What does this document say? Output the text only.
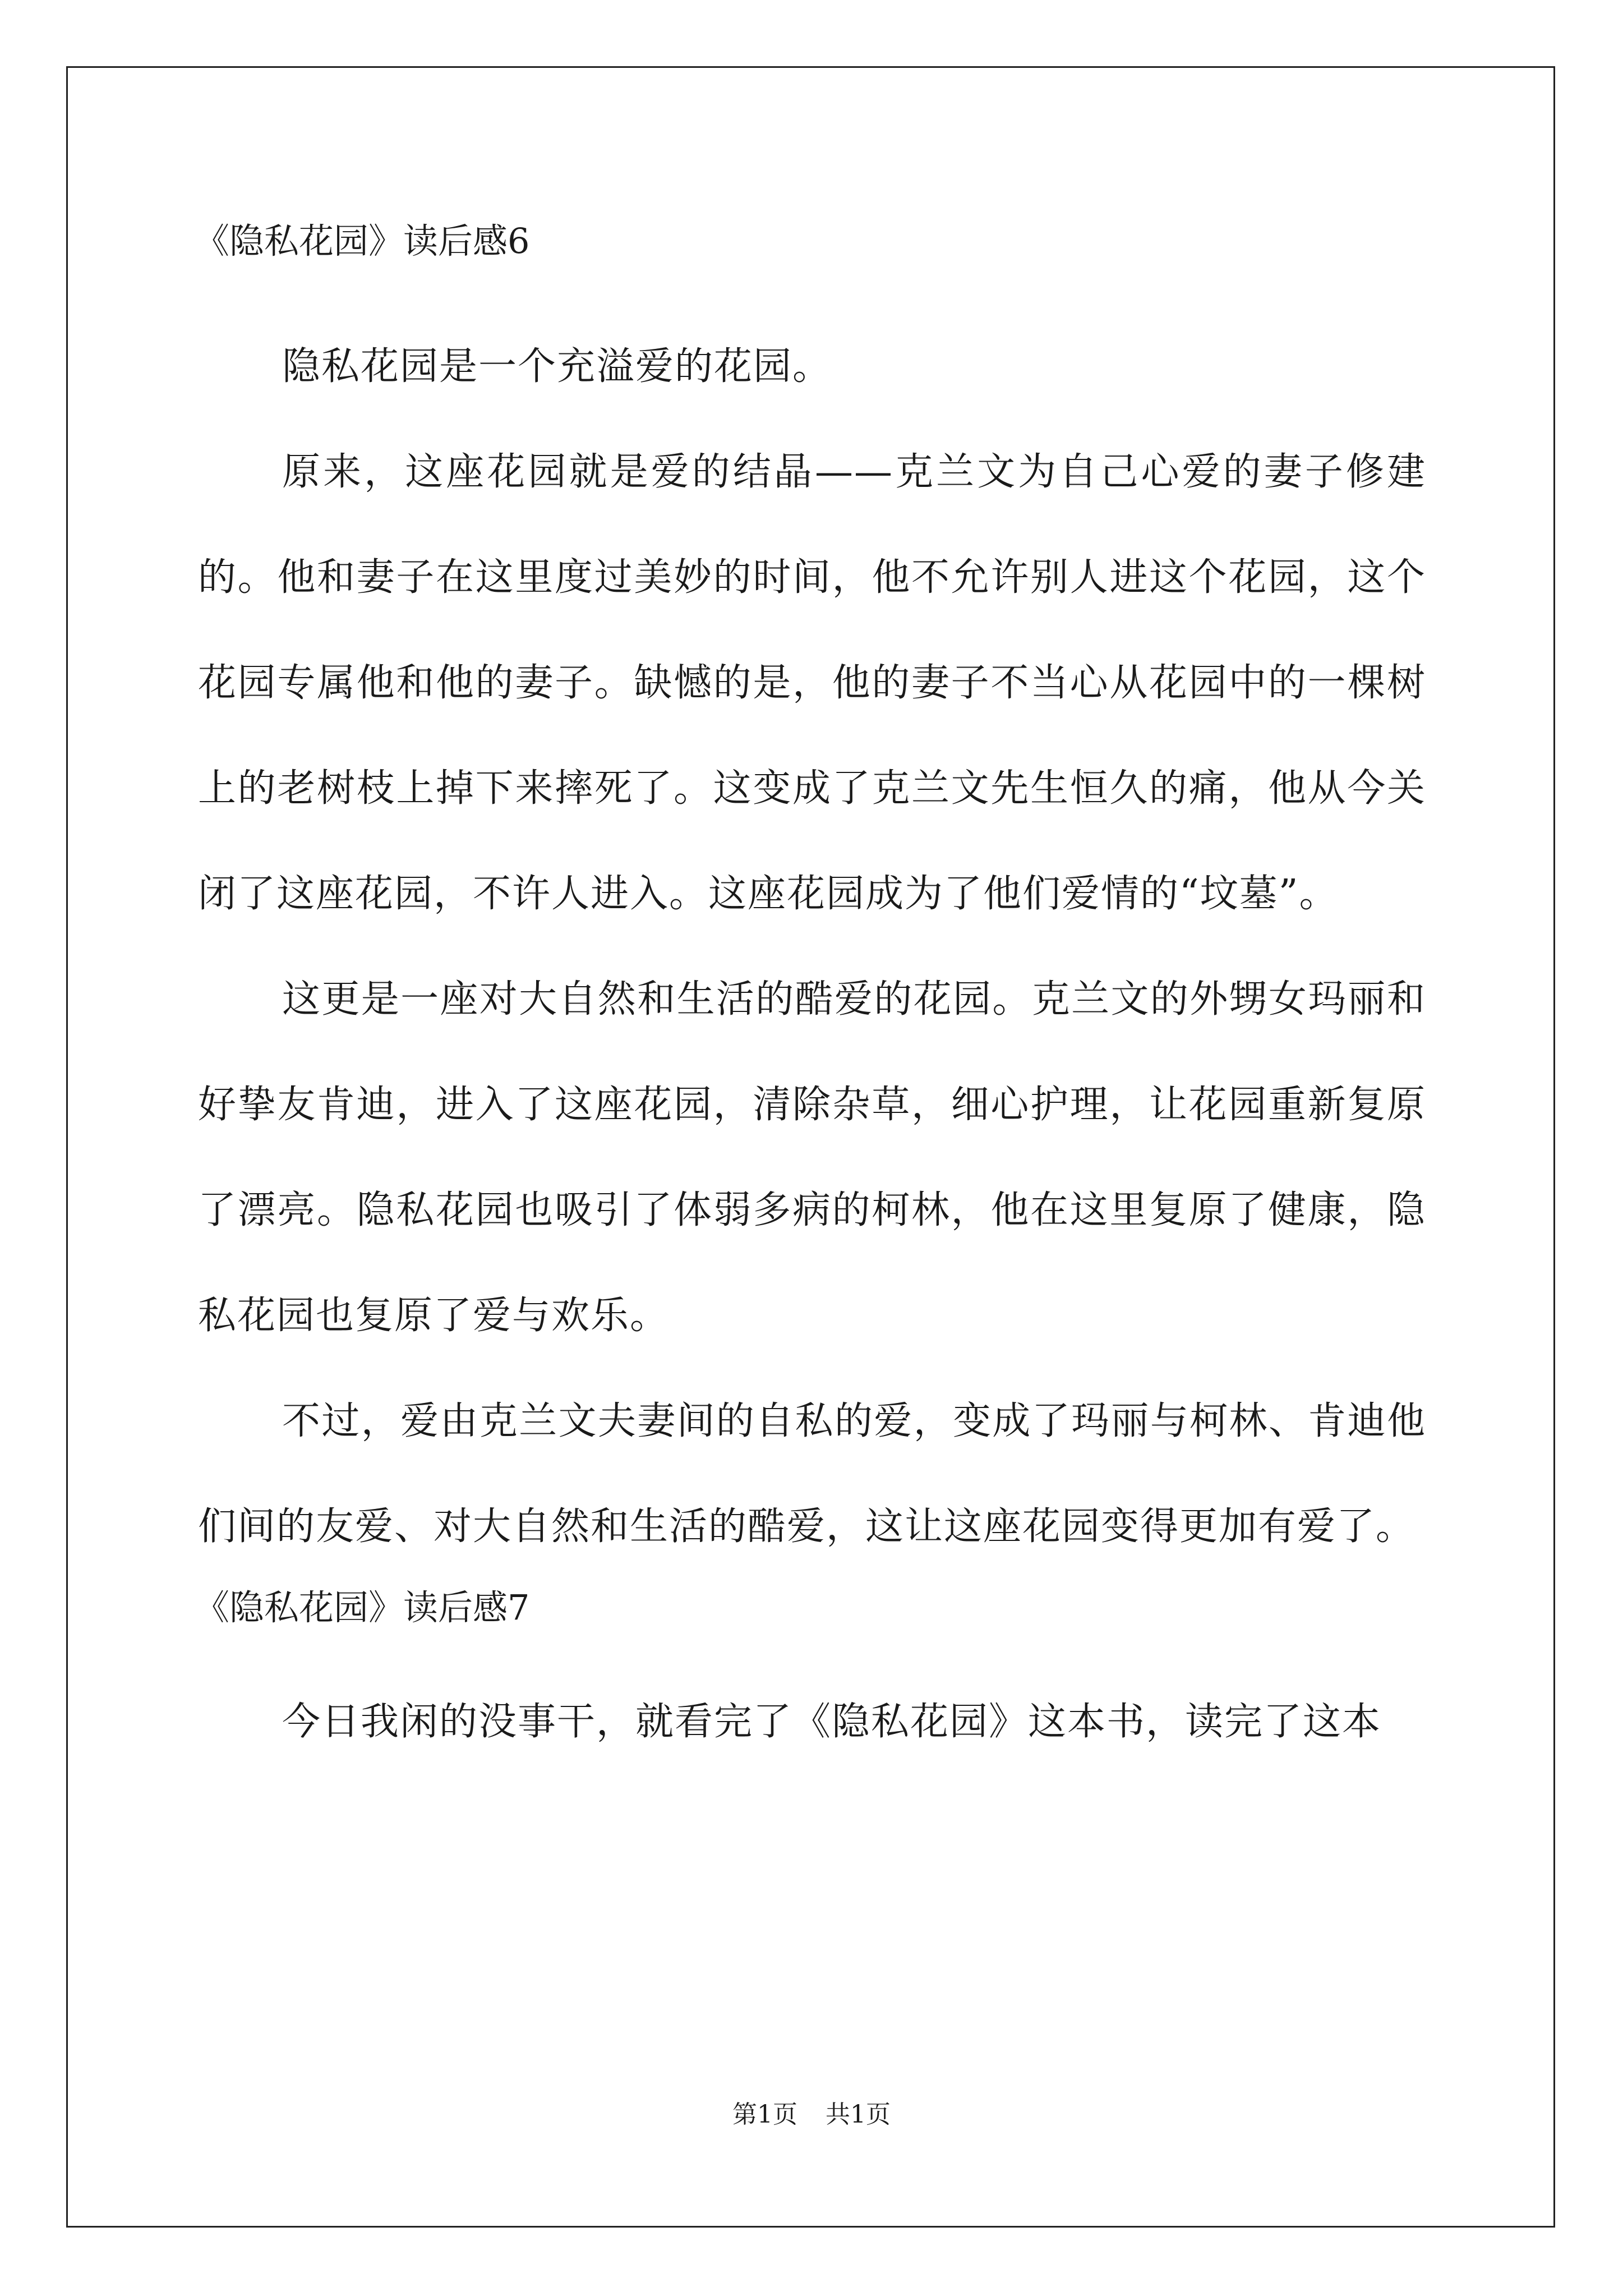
《隐私花园》读后感6

隐私花园是一个充溢爱的花园。

原来，这座花园就是爱的结晶——克兰文为自己心爱的妻子修建的。他和妻子在这里度过美妙的时间，他不允许别人进这个花园，这个花园专属他和他的妻子。缺憾的是，他的妻子不当心从花园中的一棵树上的老树枝上掉下来摔死了。这变成了克兰文先生恒久的痛，他从今关闭了这座花园，不许人进入。这座花园成为了他们爱情的“坟墓”。

这更是一座对大自然和生活的酷爱的花园。克兰文的外甥女玛丽和好挚友肯迪，进入了这座花园，清除杂草，细心护理，让花园重新复原了漂亮。隐私花园也吸引了体弱多病的柯林，他在这里复原了健康，隐私花园也复原了爱与欢乐。

不过，爱由克兰文夫妻间的自私的爱，变成了玛丽与柯林、肯迪他们间的友爱、对大自然和生活的酷爱，这让这座花园变得更加有爱了。

《隐私花园》读后感7

今日我闲的没事干，就看完了《隐私花园》这本书，读完了这本

第1页 共1页
